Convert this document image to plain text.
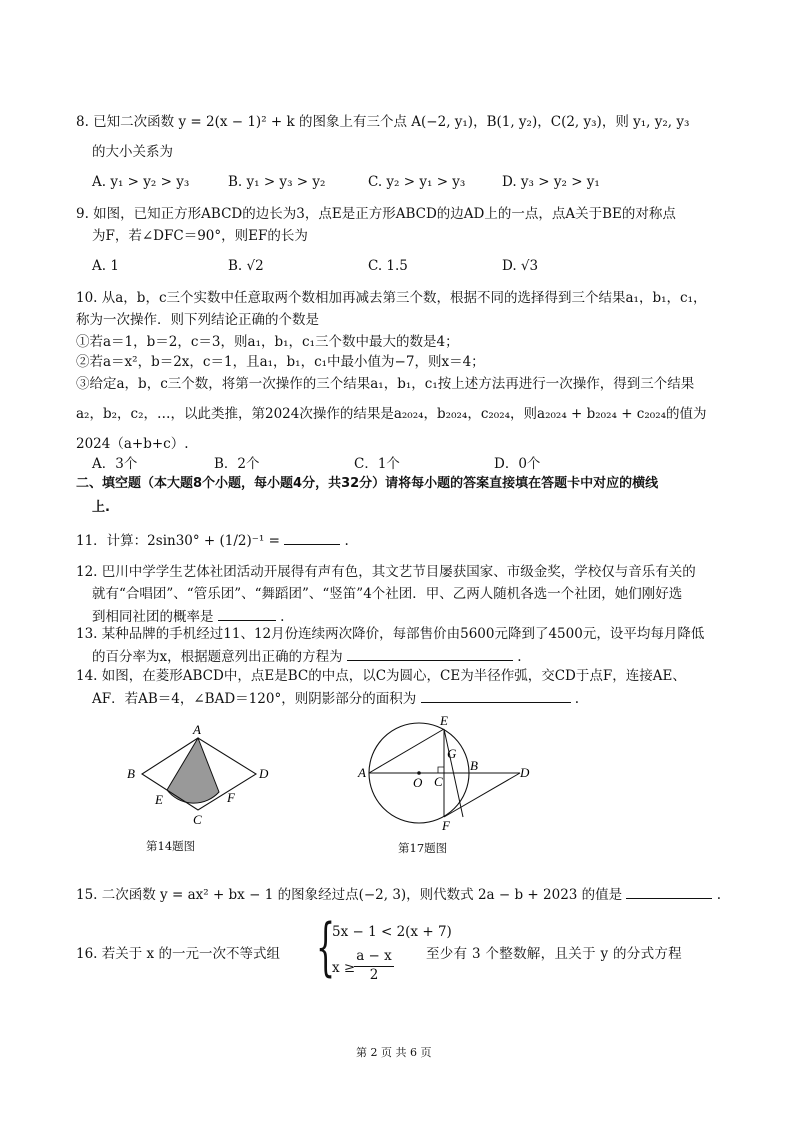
8. 已知二次函数 y = 2(x − 1)² + k 的图象上有三个点 A(−2, y₁)，B(1, y₂)，C(2, y₃)，则 y₁, y₂, y₃
的大小关系为
A. y₁ > y₂ > y₃	B. y₁ > y₃ > y₂	C. y₂ > y₁ > y₃	D. y₃ > y₂ > y₁
9. 如图，已知正方形ABCD的边长为3，点E是正方形ABCD的边AD上的一点，点A关于BE的对称点
为F，若∠DFC＝90°，则EF的长为
A. 1	B. √2	C. 1.5	D. √3
10. 从a，b，c三个实数中任意取两个数相加再减去第三个数，根据不同的选择得到三个结果a₁，b₁，c₁，
称为一次操作．则下列结论正确的个数是
①若a＝1，b＝2，c＝3，则a₁，b₁，c₁三个数中最大的数是4；
②若a＝x²，b＝2x，c＝1，且a₁，b₁，c₁中最小值为−7，则x＝4；
③给定a，b，c三个数，将第一次操作的三个结果a₁，b₁，c₁按上述方法再进行一次操作，得到三个结果
a₂，b₂，c₂，…，以此类推，第2024次操作的结果是a₂₀₂₄，b₂₀₂₄，c₂₀₂₄，则a₂₀₂₄ + b₂₀₂₄ + c₂₀₂₄的值为
2024（a+b+c）.
A．3个	B．2个	C．1个	D．0个
二、填空题（本大题8个小题，每小题4分，共32分）请将每小题的答案直接填在答题卡中对应的横线
上.
11．计算：2sin30° + (1/2)⁻¹ =	.
12. 巴川中学学生艺体社团活动开展得有声有色，其文艺节目屡获国家、市级金奖，学校仅与音乐有关的
就有“合唱团”、“管乐团”、“舞蹈团”、“竖笛”4个社团．甲、乙两人随机各选一个社团，她们刚好选
到相同社团的概率是	.
13. 某种品牌的手机经过11、12月份连续两次降价，每部售价由5600元降到了4500元，设平均每月降低
的百分率为x，根据题意列出正确的方程为	.
14. 如图，在菱形ABCD中，点E是BC的中点，以C为圆心，CE为半径作弧，交CD于点F，连接AE、
AF．若AB＝4，∠BAD＝120°，则阴影部分的面积为	.
A
B
C
D
E	F
第14题图
A	B
C
D
E
F
G
O
第17题图
15. 二次函数 y = ax² + bx − 1 的图象经过点(−2, 3)，则代数式 2a − b + 2023 的值是	.
16. 若关于 x 的一元一次不等式组 {
5x − 1 < 2(x + 7)
x ≥
$\frac{a - x}{2}$ 至少有 3 个整数解，且关于 y 的分式方程
第 2 页 共 6 页
